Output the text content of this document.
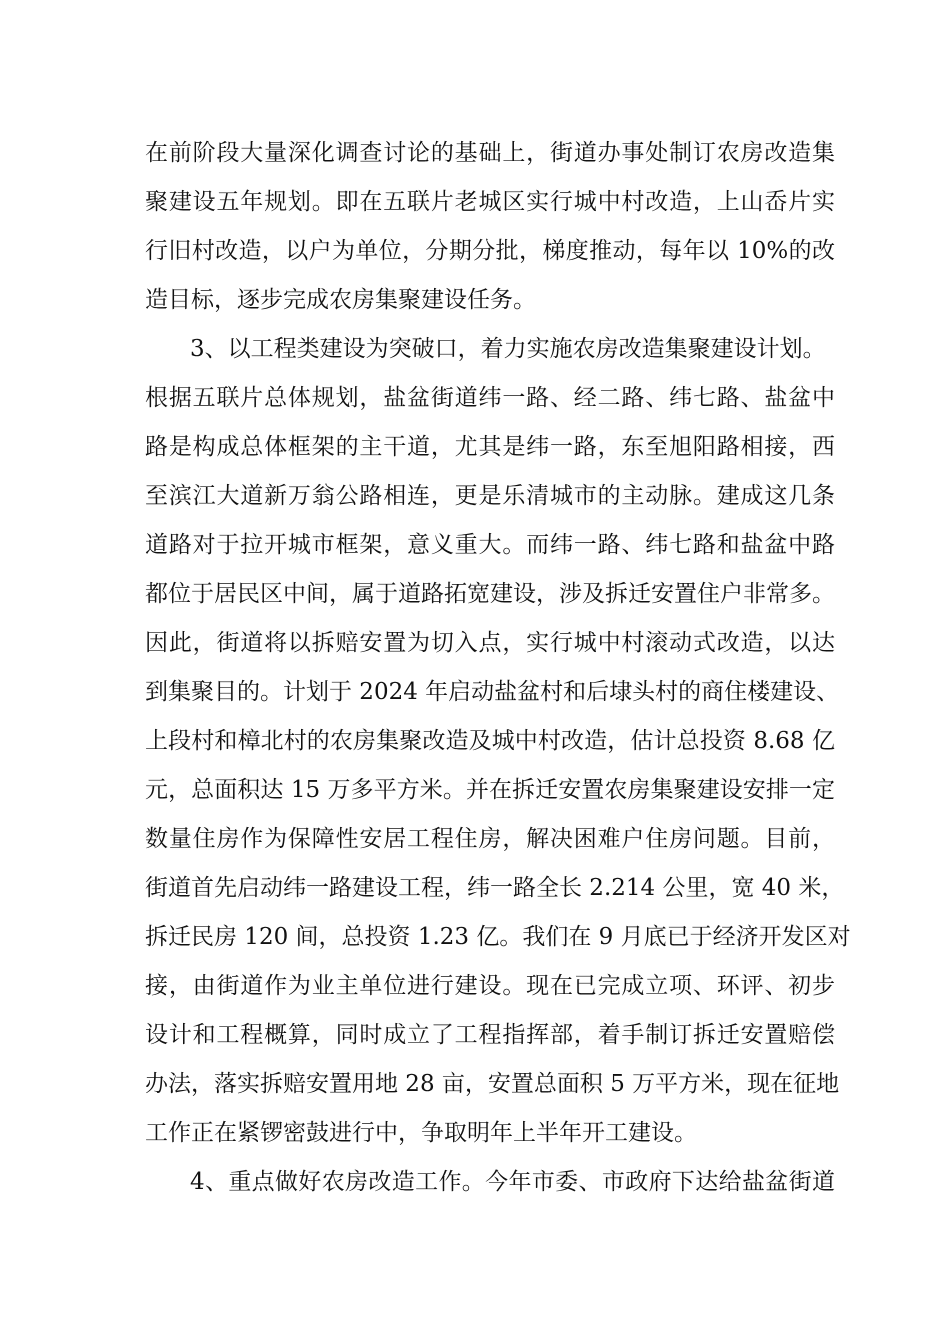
在前阶段大量深化调查讨论的基础上，街道办事处制订农房改造集
聚建设五年规划。即在五联片老城区实行城中村改造，上山岙片实
行旧村改造，以户为单位，分期分批，梯度推动，每年以 10%的改
造目标，逐步完成农房集聚建设任务。
3、以工程类建设为突破口，着力实施农房改造集聚建设计划。
根据五联片总体规划，盐盆街道纬一路、经二路、纬七路、盐盆中
路是构成总体框架的主干道，尤其是纬一路，东至旭阳路相接，西
至滨江大道新万翁公路相连，更是乐清城市的主动脉。建成这几条
道路对于拉开城市框架，意义重大。而纬一路、纬七路和盐盆中路
都位于居民区中间，属于道路拓宽建设，涉及拆迁安置住户非常多。
因此，街道将以拆赔安置为切入点，实行城中村滚动式改造，以达
到集聚目的。计划于 2024 年启动盐盆村和后埭头村的商住楼建设、
上段村和樟北村的农房集聚改造及城中村改造，估计总投资 8.68 亿
元，总面积达 15 万多平方米。并在拆迁安置农房集聚建设安排一定
数量住房作为保障性安居工程住房，解决困难户住房问题。目前，
街道首先启动纬一路建设工程，纬一路全长 2.214 公里，宽 40 米，
拆迁民房 120 间，总投资 1.23 亿。我们在 9 月底已于经济开发区对
接，由街道作为业主单位进行建设。现在已完成立项、环评、初步
设计和工程概算，同时成立了工程指挥部，着手制订拆迁安置赔偿
办法，落实拆赔安置用地 28 亩，安置总面积 5 万平方米，现在征地
工作正在紧锣密鼓进行中，争取明年上半年开工建设。
4、重点做好农房改造工作。今年市委、市政府下达给盐盆街道
